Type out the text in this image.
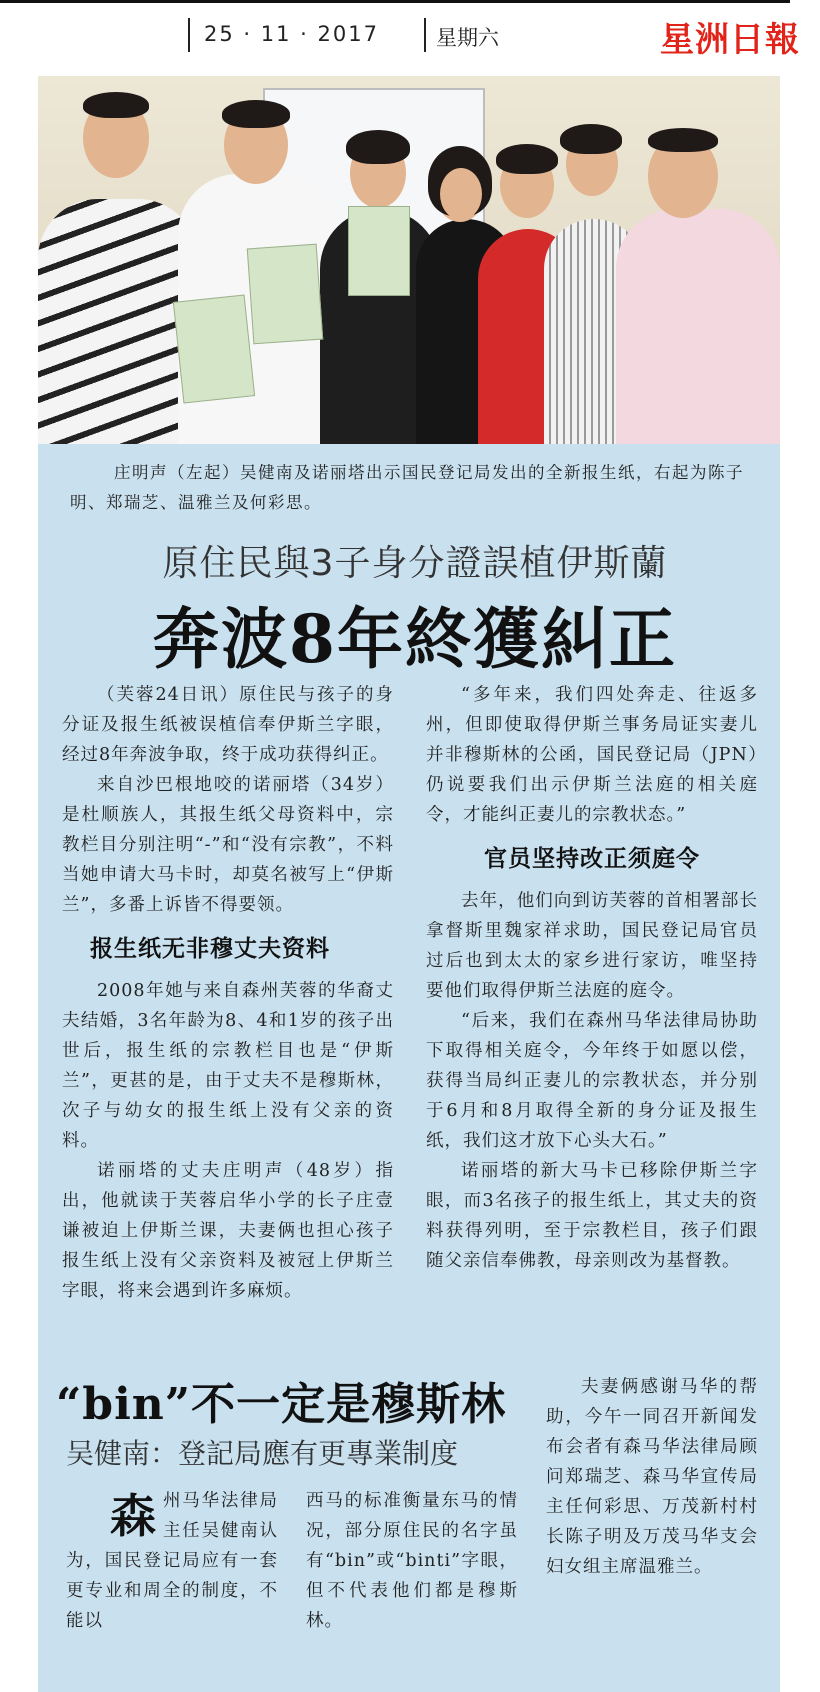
25 · 11 · 2017	星期六	星洲日報
庄明声（左起）吴健南及诺丽塔出示国民登记局发出的全新报生纸，右起为陈子明、郑瑞芝、温雅兰及何彩思。
原住民與3子身分證誤植伊斯蘭
奔波8年終獲糾正

（芙蓉24日讯）原住民与孩子的身分证及报生纸被误植信奉伊斯兰字眼，经过8年奔波争取，终于成功获得纠正。

来自沙巴根地咬的诺丽塔（34岁）是杜顺族人，其报生纸父母资料中，宗教栏目分别注明“-”和“没有宗教”，不料当她申请大马卡时，却莫名被写上“伊斯兰”，多番上诉皆不得要领。

报生纸无非穆丈夫资料

2008年她与来自森州芙蓉的华裔丈夫结婚，3名年龄为8、4和1岁的孩子出世后，报生纸的宗教栏目也是“伊斯兰”，更甚的是，由于丈夫不是穆斯林，次子与幼女的报生纸上没有父亲的资料。

诺丽塔的丈夫庄明声（48岁）指出，他就读于芙蓉启华小学的长子庄壹谦被迫上伊斯兰课，夫妻俩也担心孩子报生纸上没有父亲资料及被冠上伊斯兰字眼，将来会遇到许多麻烦。

“多年来，我们四处奔走、往返多州，但即使取得伊斯兰事务局证实妻儿并非穆斯林的公函，国民登记局（JPN）仍说要我们出示伊斯兰法庭的相关庭令，才能纠正妻儿的宗教状态。”

官员坚持改正须庭令

去年，他们向到访芙蓉的首相署部长拿督斯里魏家祥求助，国民登记局官员过后也到太太的家乡进行家访，唯坚持要他们取得伊斯兰法庭的庭令。

“后来，我们在森州马华法律局协助下取得相关庭令，今年终于如愿以偿，获得当局纠正妻儿的宗教状态，并分别于6月和8月取得全新的身分证及报生纸，我们这才放下心头大石。”

诺丽塔的新大马卡已移除伊斯兰字眼，而3名孩子的报生纸上，其丈夫的资料获得列明，至于宗教栏目，孩子们跟随父亲信奉佛教，母亲则改为基督教。

“bin”不一定是穆斯林
吴健南：登記局應有更專業制度
森州马华法律局主任吴健南认为，国民登记局应有一套更专业和周全的制度，不能以
西马的标准衡量东马的情况，部分原住民的名字虽有“bin”或“binti”字眼，但不代表他们都是穆斯林。

夫妻俩感谢马华的帮助，今午一同召开新闻发布会者有森马华法律局顾问郑瑞芝、森马华宣传局主任何彩思、万茂新村村长陈子明及万茂马华支会妇女组主席温雅兰。
